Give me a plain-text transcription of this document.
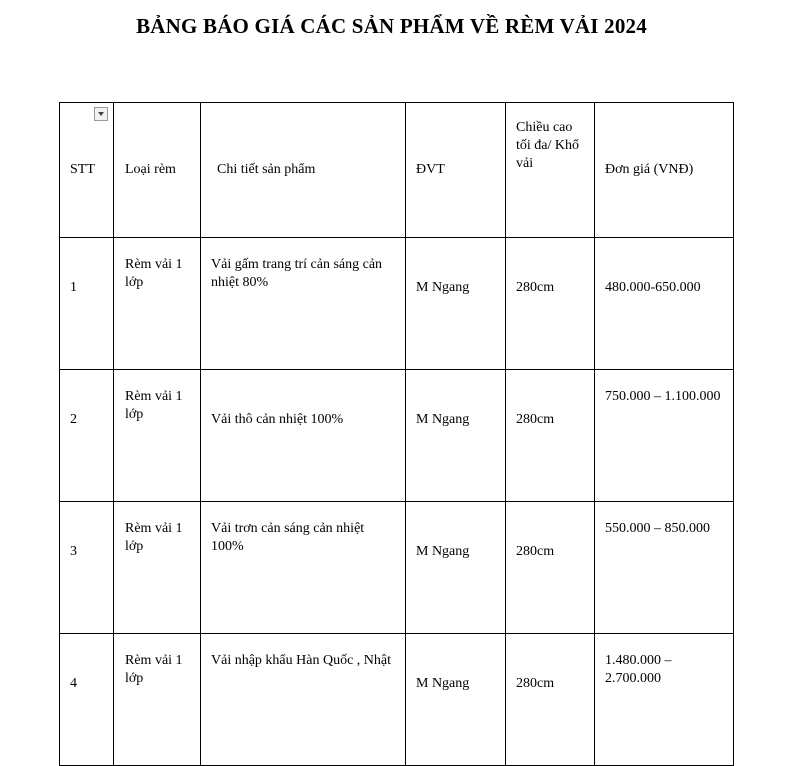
BẢNG BÁO GIÁ CÁC SẢN PHẨM VỀ RÈM VẢI 2024
STT	Loại rèm	Chi tiết sản phẩm	ĐVT	Chiều cao tối đa/ Khổ vải	Đơn giá (VNĐ)
1	Rèm vải 1 lớp	Vải gấm trang trí cản sáng cản nhiệt 80%	M Ngang	280cm	480.000-650.000
2	Rèm vải 1 lớp	Vải thô cản nhiệt 100%	M Ngang	280cm	750.000 – 1.100.000
3	Rèm vải 1 lớp	Vải trơn cản sáng cản nhiệt 100%	M Ngang	280cm	550.000 – 850.000
4	Rèm vải 1 lớp	Vải nhập khẩu Hàn Quốc , Nhật	M Ngang	280cm	1.480.000 – 2.700.000
